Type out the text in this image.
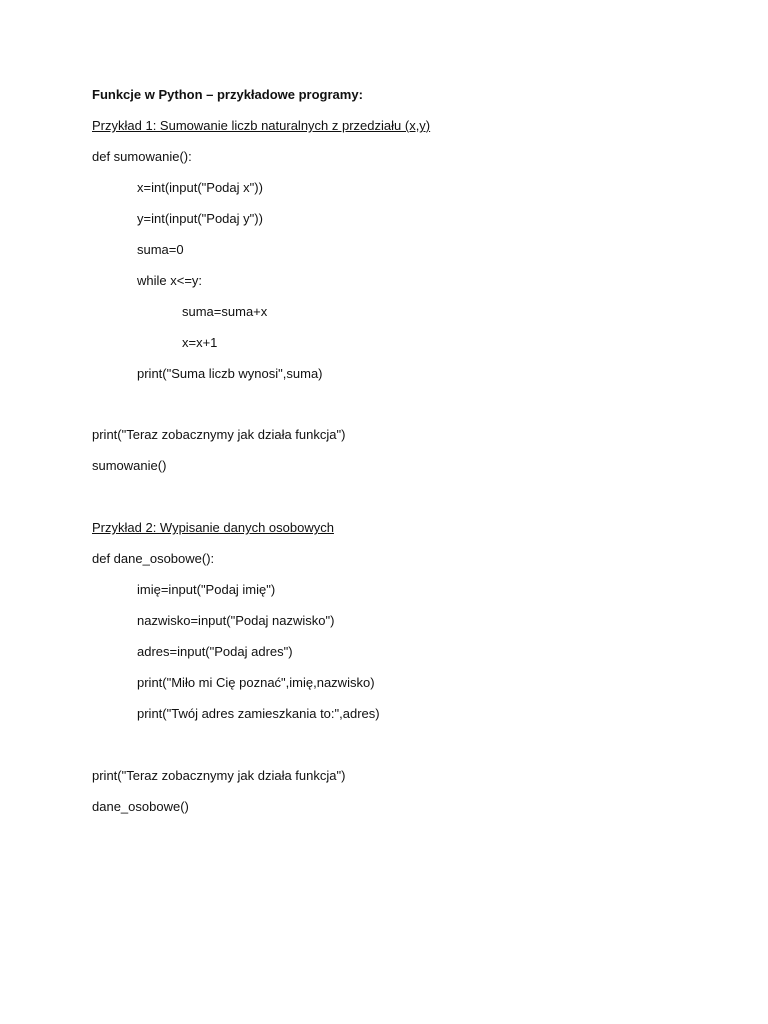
Funkcje w Python – przykładowe programy:
Przykład 1: Sumowanie liczb naturalnych z przedziału (x,y)
def sumowanie():
x=int(input("Podaj x"))
y=int(input("Podaj y"))
suma=0
while x<=y:
suma=suma+x
x=x+1
print("Suma liczb wynosi",suma)
print("Teraz zobacznymy jak działa funkcja")
sumowanie()
Przykład 2: Wypisanie danych osobowych
def dane_osobowe():
imię=input("Podaj imię")
nazwisko=input("Podaj nazwisko")
adres=input("Podaj adres")
print("Miło mi Cię poznać",imię,nazwisko)
print("Twój adres zamieszkania to:",adres)
print("Teraz zobacznymy jak działa funkcja")
dane_osobowe()
